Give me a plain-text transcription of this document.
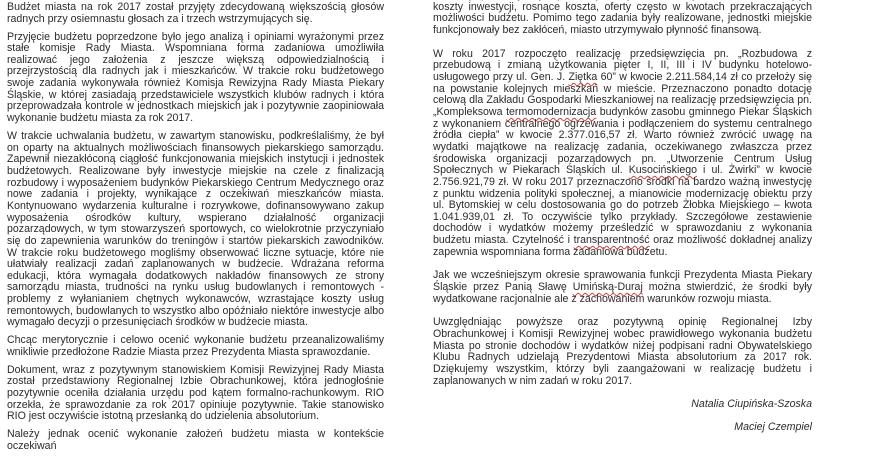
Budżet miasta na rok 2017 został przyjęty zdecydowaną większością głosów radnych przy osiemnastu głosach za i trzech wstrzymujących się.

Przyjęcie budżetu poprzedzone było jego analizą i opiniami wyrażonymi przez stałe komisje Rady Miasta. Wspomniana forma zadaniowa umożliwiła realizować jego założenia z jeszcze większą odpowiedzialnością i przejrzystością dla radnych jak i mieszkańców. W trakcie roku budżetowego swoje zadania wykonywała również Komisja Rewizyjna Rady Miasta Piekary Śląskie, w której zasiadają przedstawiciele wszystkich klubów radnych i która przeprowadzała kontrole w jednostkach miejskich jak i pozytywnie zaopiniowała wykonanie budżetu miasta za rok 2017.

W trakcie uchwalania budżetu, w zawartym stanowisku, podkreślaliśmy, że był on oparty na aktualnych możliwościach finansowych piekarskiego samorządu. Zapewnił niezakłóconą ciągłość funkcjonowania miejskich instytucji i jednostek budżetowych. Realizowane były inwestycje miejskie na czele z finalizacją rozbudowy i wyposażeniem budynków Piekarskiego Centrum Medycznego oraz nowe zadania i projekty, wynikające z oczekiwań mieszkańców miasta. Kontynuowano wydarzenia kulturalne i rozrywkowe, dofinansowywano zakup wyposażenia ośrodków kultury, wspierano działalność organizacji pozarządowych, w tym stowarzyszeń sportowych, co wielokrotnie przyczyniało się do zapewnienia warunków do treningów i startów piekarskich zawodników. W trakcie roku budżetowego mogliśmy obserwować liczne sytuacje, które nie ułatwiały realizacji zadań zaplanowanych w budżecie. Wdrażana reforma edukacji, która wymagała dodatkowych nakładów finansowych ze strony samorządu miasta, trudności na rynku usług budowlanych i remontowych - problemy z wyłanianiem chętnych wykonawców, wzrastające koszty usług remontowych, budowlanych to wszystko albo opóźniało niektóre inwestycje albo wymagało decyzji o przesunięciach środków w budżecie miasta.

Chcąc merytorycznie i celowo ocenić wykonanie budżetu przeanalizowaliśmy wnikliwie przedłożone Radzie Miasta przez Prezydenta Miasta sprawozdanie.

Dokument, wraz z pozytywnym stanowiskiem Komisji Rewizyjnej Rady Miasta został przedstawiony Regionalnej Izbie Obrachunkowej, która jednogłośnie pozytywnie oceniła działania urzędu pod kątem formalno-rachunkowym. RIO orzekła, że sprawozdanie za rok 2017 opiniuje pozytywnie. Takie stanowisko RIO jest oczywiście istotną przesłanką do udzielenia absolutorium.

Należy jednak ocenić wykonanie założeń budżetu miasta w kontekście oczekiwań

koszty inwestycji, rosnące koszta, oferty często w kwotach przekraczających możliwości budżetu. Pomimo tego zadania były realizowane, jednostki miejskie funkcjonowały bez zakłóceń, miasto utrzymywało płynność finansową.

W roku 2017 rozpoczęto realizację przedsięwzięcia pn. „Rozbudowa z przebudową i zmianą użytkowania pięter I, II, III i IV budynku hotelowo-usługowego przy ul. Gen. J. Ziętka 60” w kwocie 2.211.584,14 zł co przełoży się na powstanie kolejnych mieszkań w mieście. Przeznaczono ponadto dotację celową dla Zakładu Gospodarki Mieszkaniowej na realizację przedsięwzięcia pn. „Kompleksowa termomodernizacja budynków zasobu gminnego Piekar Śląskich z wykonaniem centralnego ogrzewania i podłączeniem do systemu centralnego źródła ciepła” w kwocie 2.377.016,57 zł. Warto również zwrócić uwagę na wydatki majątkowe na realizację zadania, oczekiwanego zwłaszcza przez środowiska organizacji pozarządowych pn. „Utworzenie Centrum Usług Społecznych w Piekarach Śląskich ul. Kusocińskiego i ul. Żwirki” w kwocie 2.756.921,79 zł. W roku 2017 przeznaczono środki na bardzo ważną inwestycję z punktu widzenia polityki społecznej, a mianowicie modernizację obiektu przy ul. Bytomskiej w celu dostosowania go do potrzeb Żłobka Miejskiego – kwota 1.041.939,01 zł. To oczywiście tylko przykłady. Szczegółowe zestawienie dochodów i wydatków możemy prześledzić w sprawozdaniu z wykonania budżetu miasta. Czytelność i transparentność oraz możliwość dokładnej analizy zapewnia wspomniana forma zadaniowa budżetu.

Jak we wcześniejszym okresie sprawowania funkcji Prezydenta Miasta Piekary Śląskie przez Panią Sławę Umińską-Duraj można stwierdzić, że środki były wydatkowane racjonalnie ale z zachowaniem warunków rozwoju miasta.

Uwzględniając powyższe oraz pozytywną opinię Regionalnej Izby Obrachunkowej i Komisji Rewizyjnej wobec prawidłowego wykonania budżetu Miasta po stronie dochodów i wydatków niżej podpisani radni Obywatelskiego Klubu Radnych udzielają Prezydentowi Miasta absolutorium za 2017 rok. Dziękujemy wszystkim, którzy byli zaangażowani w realizację budżetu i zaplanowanych w nim zadań w roku 2017.

Natalia Ciupińska-Szoska

Maciej Czempiel
